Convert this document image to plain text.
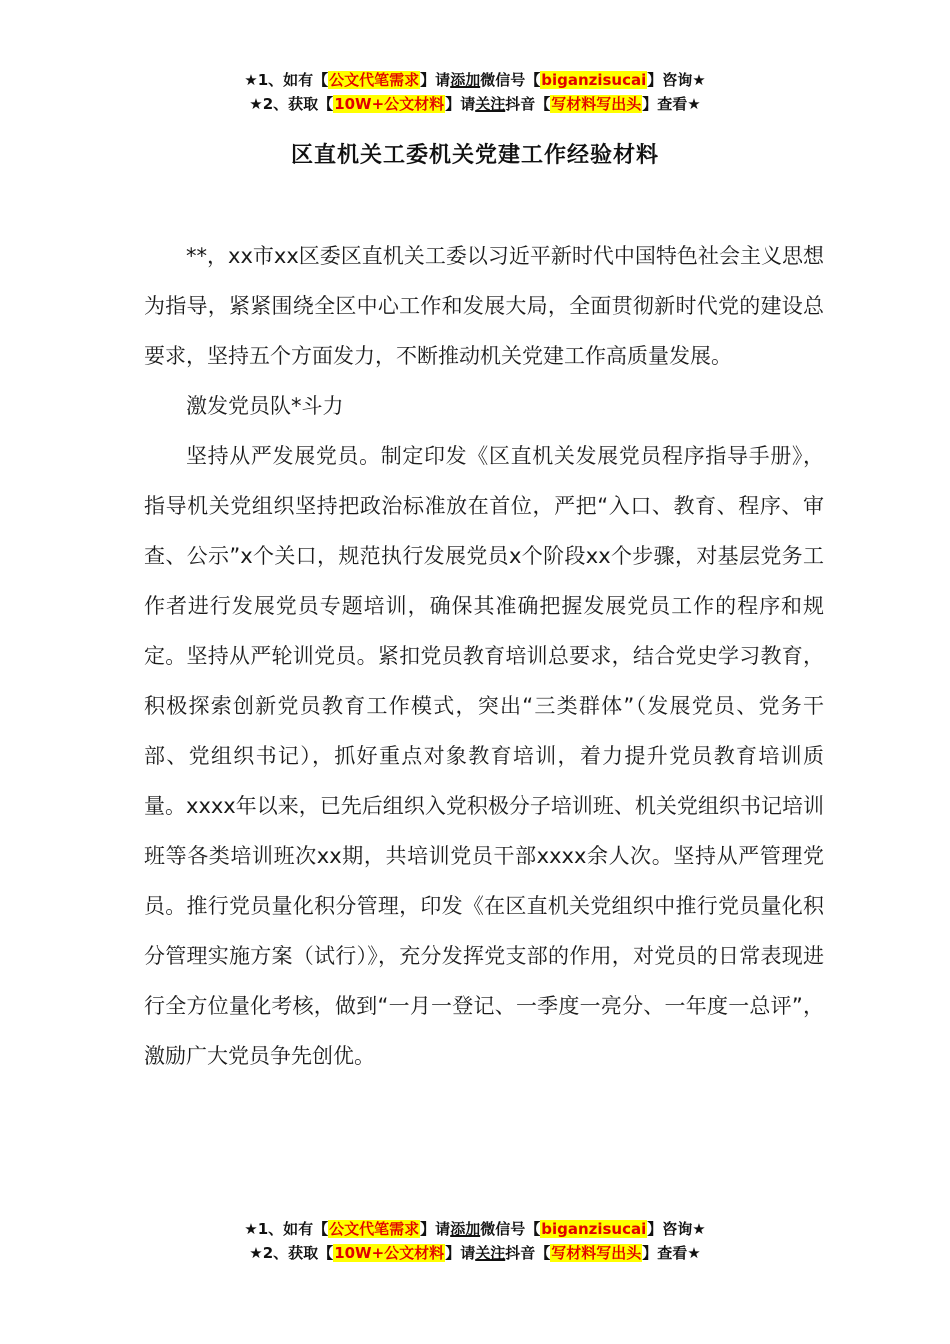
★1、如有【公文代笔需求】请添加微信号【biganzisucai】咨询★
★2、获取【10W+公文材料】请关注抖音【写材料写出头】查看★
区直机关工委机关党建工作经验材料

**，xx市xx区委区直机关工委以习近平新时代中国特色社会主义思想为指导，紧紧围绕全区中心工作和发展大局，全面贯彻新时代党的建设总要求，坚持五个方面发力，不断推动机关党建工作高质量发展。

激发党员队*斗力

坚持从严发展党员。制定印发《区直机关发展党员程序指导手册》，指导机关党组织坚持把政治标准放在首位，严把“入口、教育、程序、审查、公示”x个关口，规范执行发展党员x个阶段xx个步骤，对基层党务工作者进行发展党员专题培训，确保其准确把握发展党员工作的程序和规定。坚持从严轮训党员。紧扣党员教育培训总要求，结合党史学习教育，积极探索创新党员教育工作模式，突出“三类群体”（发展党员、党务干部、党组织书记），抓好重点对象教育培训，着力提升党员教育培训质量。xxxx年以来，已先后组织入党积极分子培训班、机关党组织书记培训班等各类培训班次xx期，共培训党员干部xxxx余人次。坚持从严管理党员。推行党员量化积分管理，印发《在区直机关党组织中推行党员量化积分管理实施方案（试行）》，充分发挥党支部的作用，对党员的日常表现进行全方位量化考核，做到“一月一登记、一季度一亮分、一年度一总评”，激励广大党员争先创优。

★1、如有【公文代笔需求】请添加微信号【biganzisucai】咨询★
★2、获取【10W+公文材料】请关注抖音【写材料写出头】查看★
